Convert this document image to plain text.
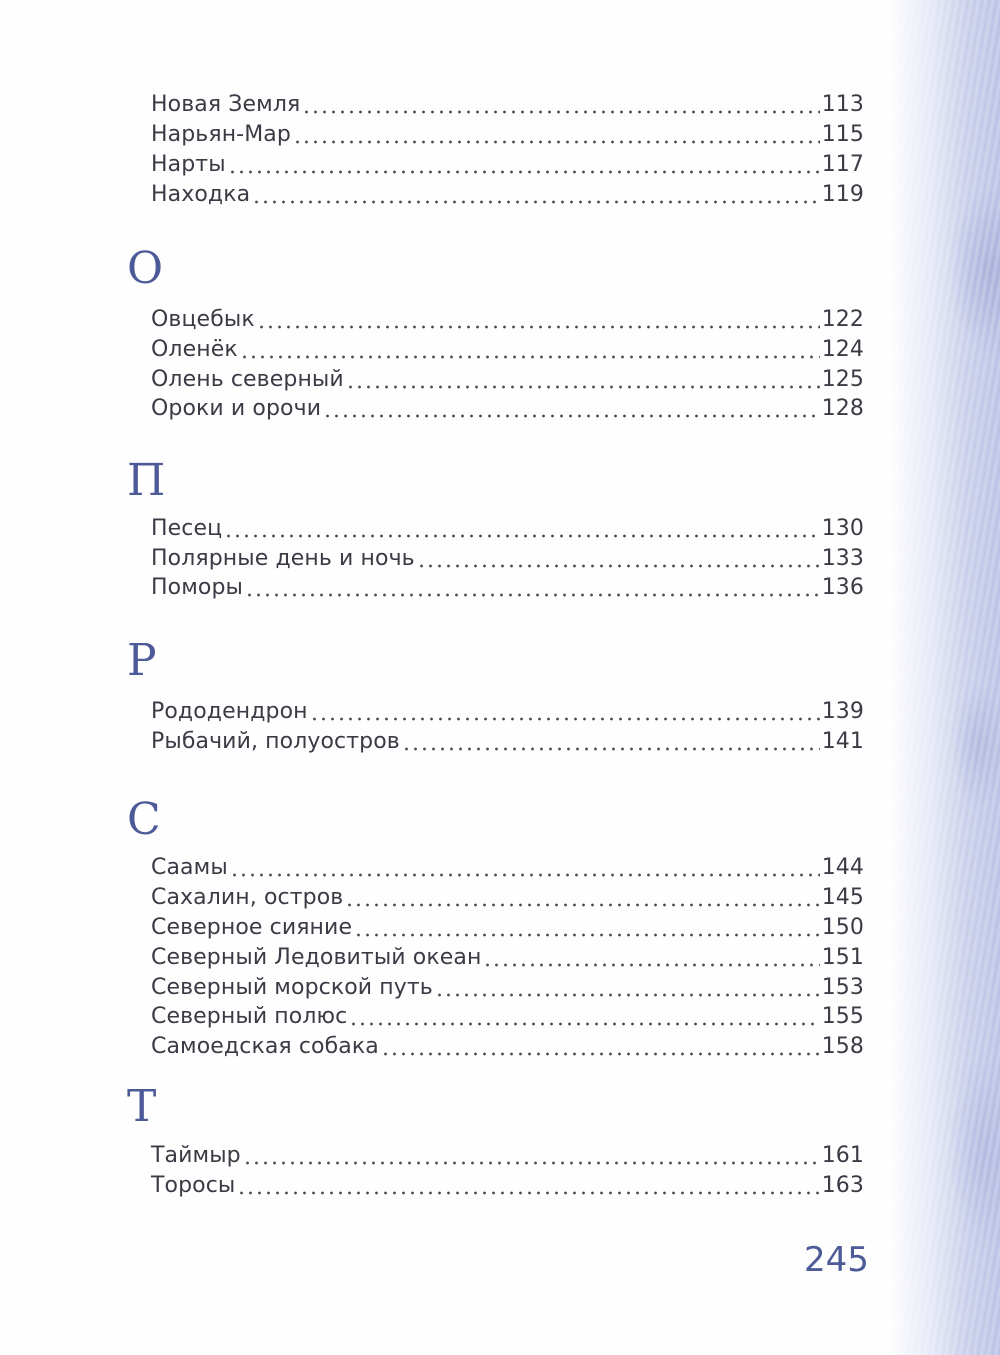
Новая Земля	113
Нарьян-Мар	115
Нарты	117
Находка	119
О
Овцебык	122
Оленёк	124
Олень северный	125
Ороки и орочи	128
П
Песец	130
Полярные день и ночь	133
Поморы	136
Р
Рододендрон	139
Рыбачий, полуостров	141
С
Саамы	144
Сахалин, остров	145
Северное сияние	150
Северный Ледовитый океан	151
Северный морской путь	153
Северный полюс	155
Самоедская собака	158
Т
Таймыр	161
Торосы	163
245
